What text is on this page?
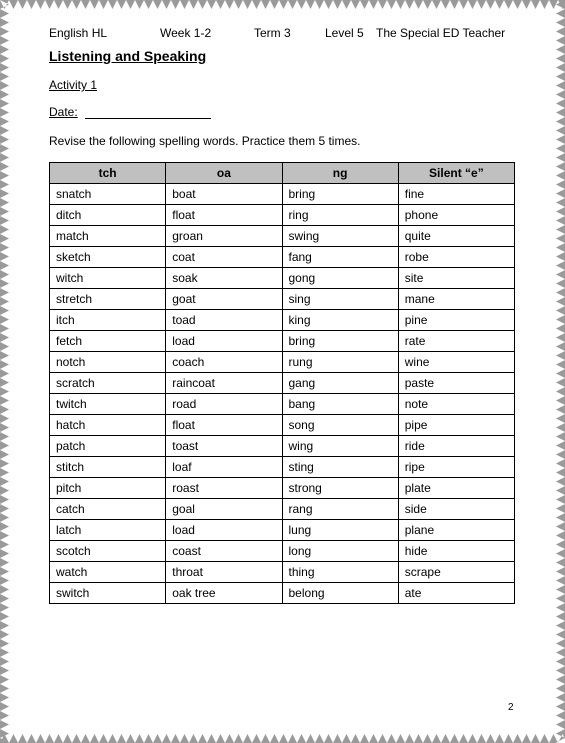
English HL	Week 1-2	Term 3	Level 5 The Special ED Teacher
Listening and Speaking
Activity 1
Date:
Revise the following spelling words. Practice them 5 times.
tch	oa	ng	Silent “e”
snatch	boat	bring	fine
ditch	float	ring	phone
match	groan	swing	quite
sketch	coat	fang	robe
witch	soak	gong	site
stretch	goat	sing	mane
itch	toad	king	pine
fetch	load	bring	rate
notch	coach	rung	wine
scratch	raincoat	gang	paste
twitch	road	bang	note
hatch	float	song	pipe
patch	toast	wing	ride
stitch	loaf	sting	ripe
pitch	roast	strong	plate
catch	goal	rang	side
latch	load	lung	plane
scotch	coast	long	hide
watch	throat	thing	scrape
switch	oak tree	belong	ate
2
